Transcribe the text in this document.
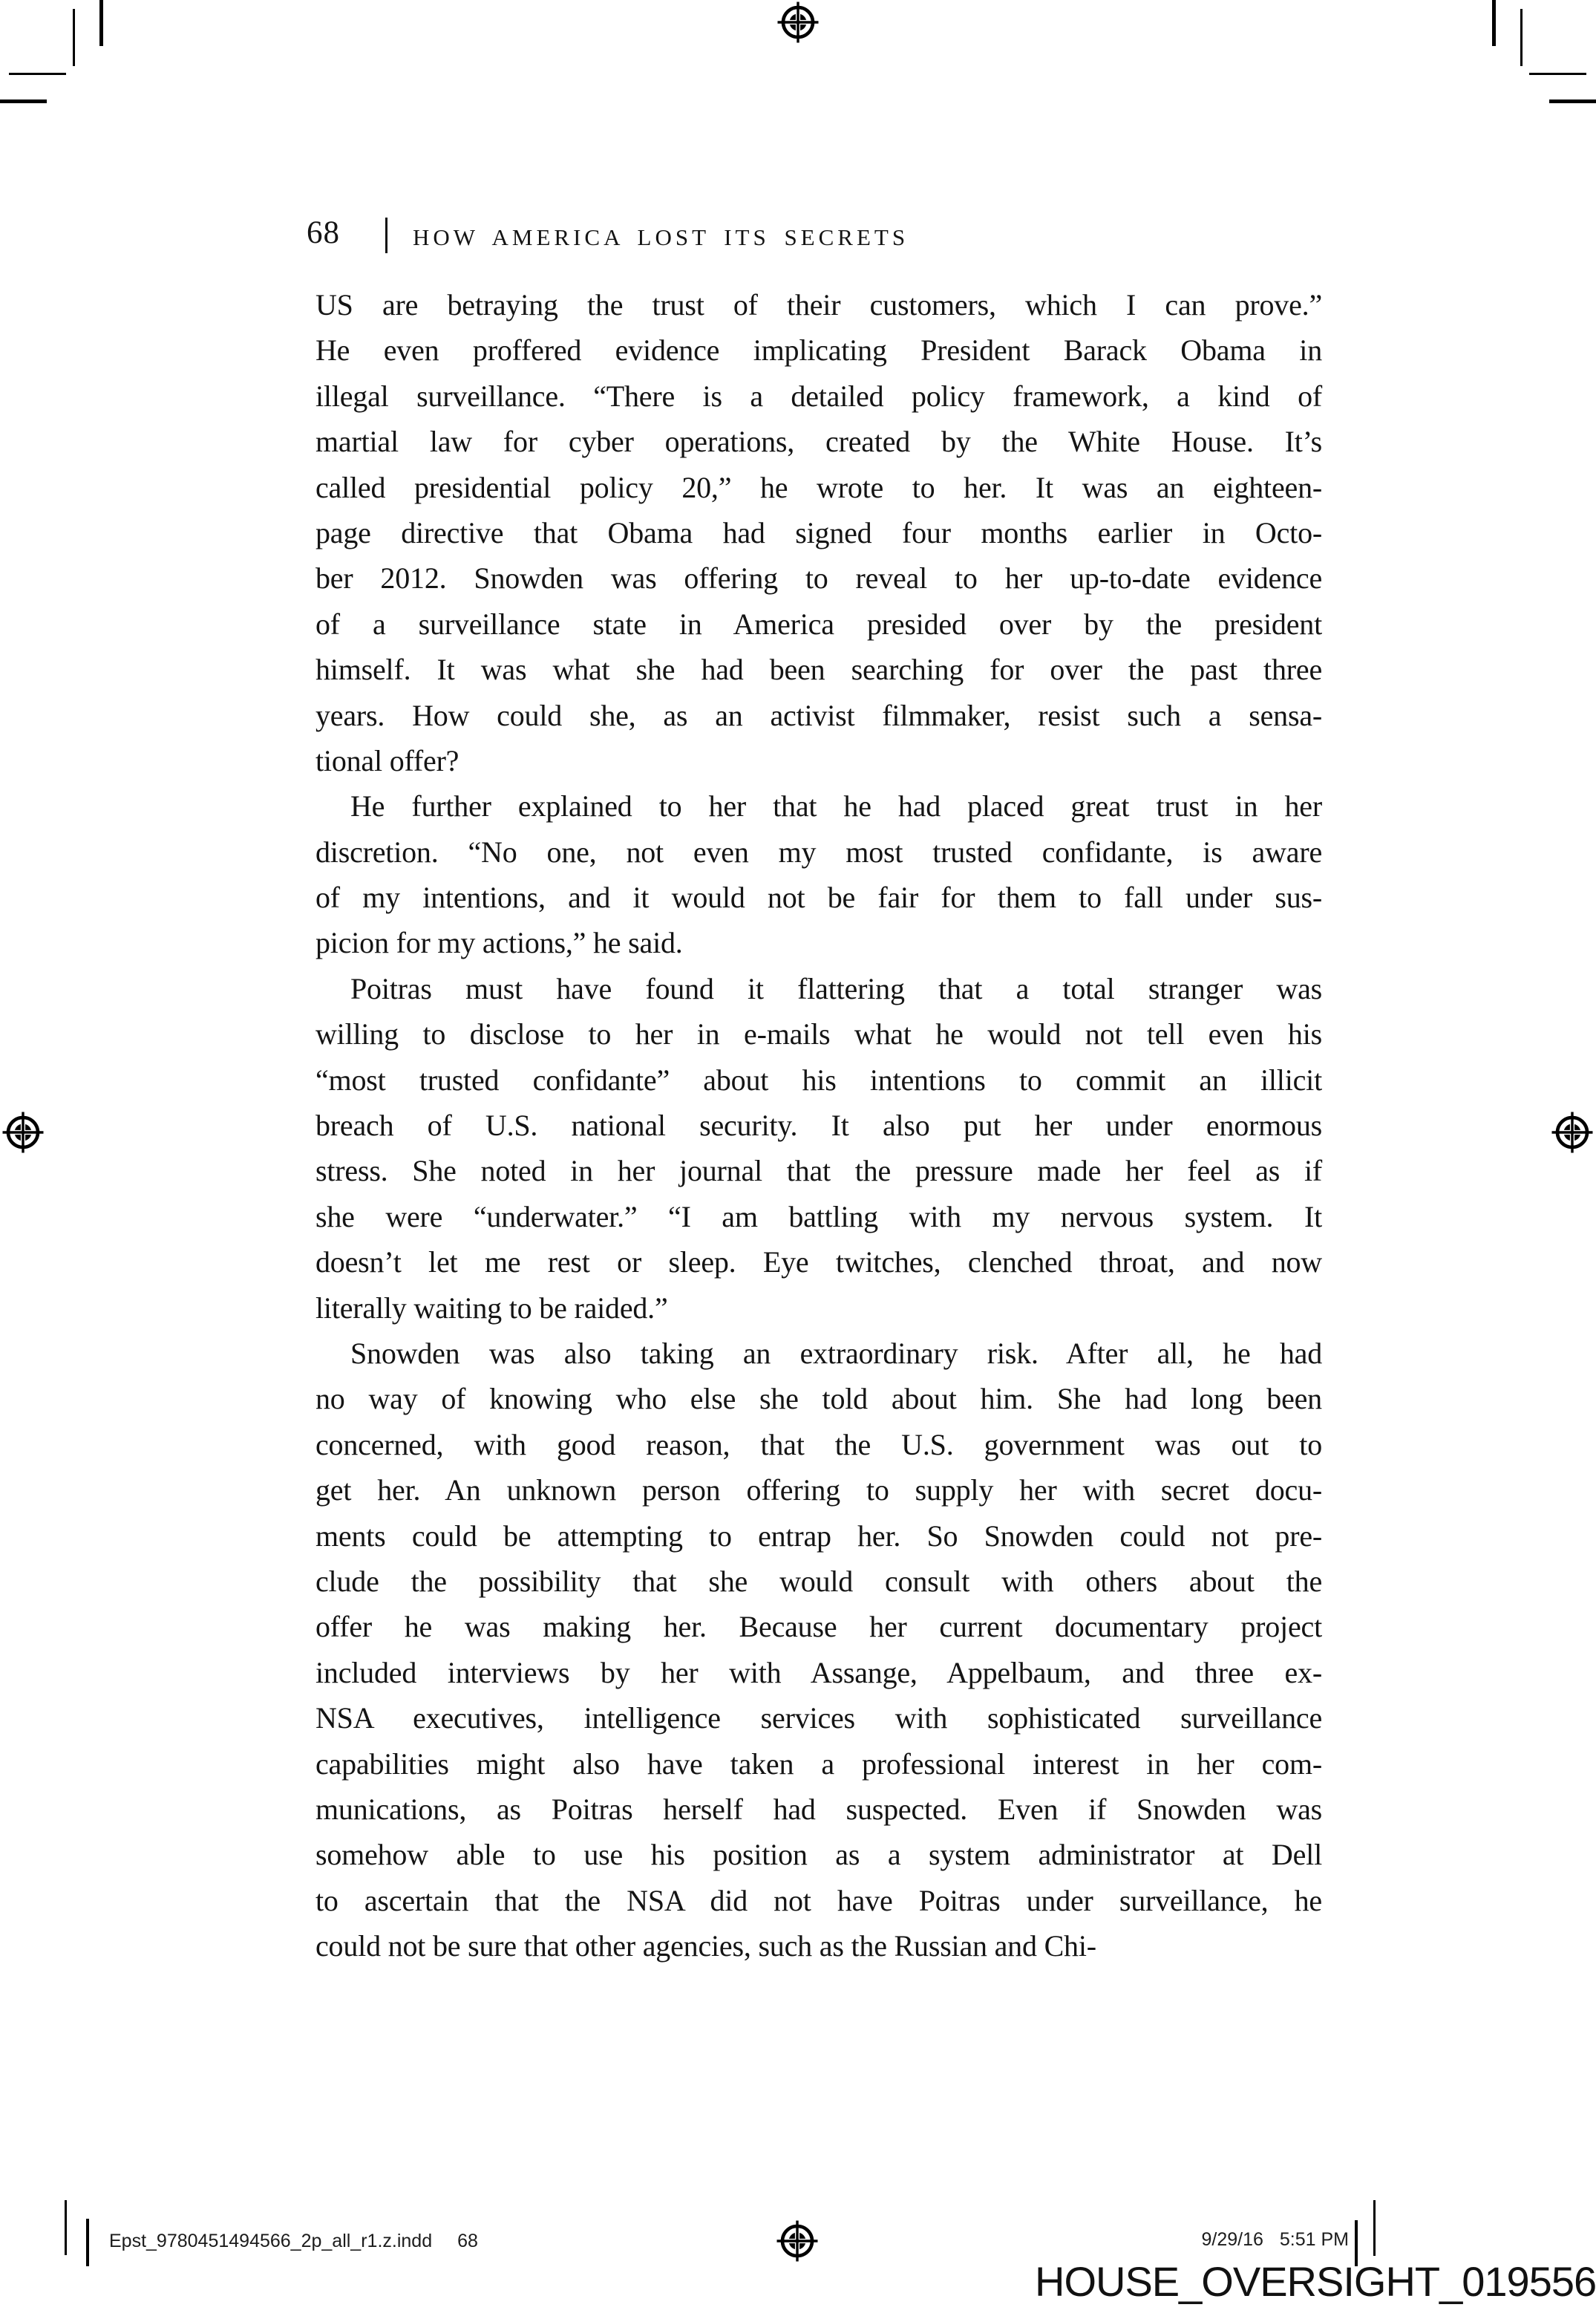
68	HOW AMERICA LOST ITS SECRETS
US are betraying the trust of their customers, which I can prove.”
He even proffered evidence implicating President Barack Obama in
illegal surveillance. “There is a detailed policy framework, a kind of
martial law for cyber operations, created by the White House. It’s
called presidential policy 20,” he wrote to her. It was an eighteen-
page directive that Obama had signed four months earlier in Octo-
ber 2012. Snowden was offering to reveal to her up-to-date evidence
of a surveillance state in America presided over by the president
himself. It was what she had been searching for over the past three
years. How could she, as an activist filmmaker, resist such a sensa-
tional offer?
He further explained to her that he had placed great trust in her
discretion. “No one, not even my most trusted confidante, is aware
of my intentions, and it would not be fair for them to fall under sus-
picion for my actions,” he said.
Poitras must have found it flattering that a total stranger was
willing to disclose to her in e-mails what he would not tell even his
“most trusted confidante” about his intentions to commit an illicit
breach of U.S. national security. It also put her under enormous
stress. She noted in her journal that the pressure made her feel as if
she were “underwater.” “I am battling with my nervous system. It
doesn’t let me rest or sleep. Eye twitches, clenched throat, and now
literally waiting to be raided.”
Snowden was also taking an extraordinary risk. After all, he had
no way of knowing who else she told about him. She had long been
concerned, with good reason, that the U.S. government was out to
get her. An unknown person offering to supply her with secret docu-
ments could be attempting to entrap her. So Snowden could not pre-
clude the possibility that she would consult with others about the
offer he was making her. Because her current documentary project
included interviews by her with Assange, Appelbaum, and three ex-
NSA executives, intelligence services with sophisticated surveillance
capabilities might also have taken a professional interest in her com-
munications, as Poitras herself had suspected. Even if Snowden was
somehow able to use his position as a system administrator at Dell
to ascertain that the NSA did not have Poitras under surveillance, he
could not be sure that other agencies, such as the Russian and Chi-
Epst_9780451494566_2p_all_r1.z.indd 68	9/29/16 5:51 PM
HOUSE_OVERSIGHT_019556
